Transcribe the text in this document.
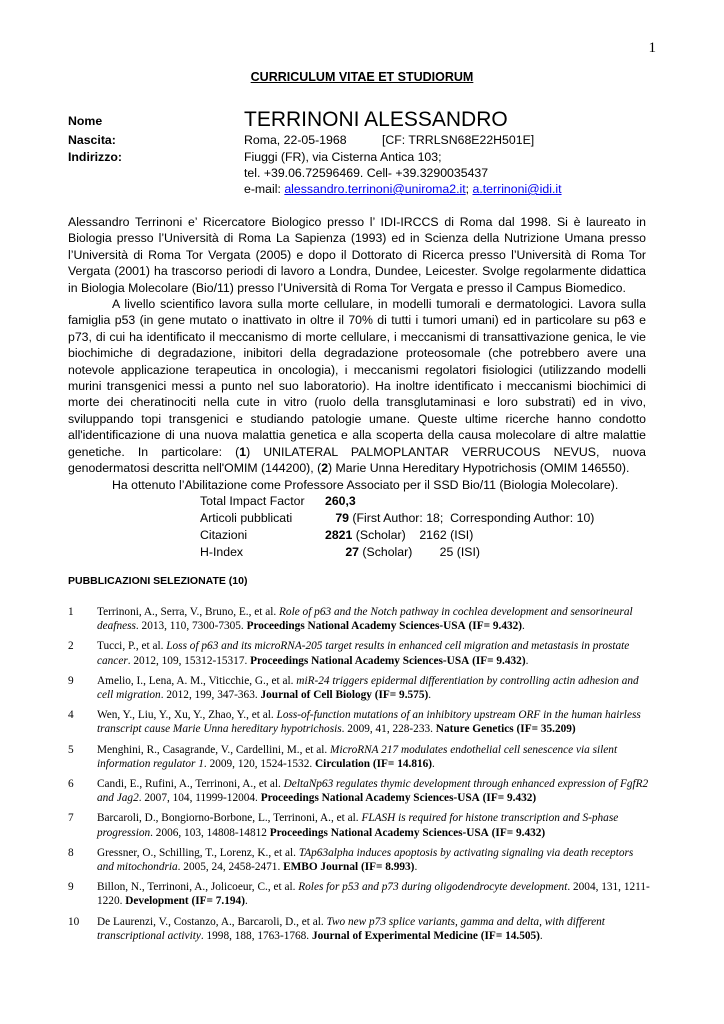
1
CURRICULUM VITAE ET STUDIORUM
Nome	TERRINONI ALESSANDRO
Nascita:	Roma, 22-05-1968	[CF: TRRLSN68E22H501E]
Indirizzo:	Fiuggi (FR), via Cisterna Antica 103;
tel. +39.06.72596469. Cell- +39.3290035437
e-mail: alessandro.terrinoni@uniroma2.it; a.terrinoni@idi.it

Alessandro Terrinoni e’ Ricercatore Biologico presso l’ IDI-IRCCS di Roma dal 1998. Si è laureato in Biologia presso l’Università di Roma La Sapienza (1993) ed in Scienza della Nutrizione Umana presso l’Università di Roma Tor Vergata (2005) e dopo il Dottorato di Ricerca presso l’Università di Roma Tor Vergata (2001) ha trascorso periodi di lavoro a Londra, Dundee, Leicester. Svolge regolarmente didattica in Biologia Molecolare (Bio/11) presso l’Università di Roma Tor Vergata e presso il Campus Biomedico.

A livello scientifico lavora sulla morte cellulare, in modelli tumorali e dermatologici. Lavora sulla famiglia p53 (in gene mutato o inattivato in oltre il 70% di tutti i tumori umani) ed in particolare su p63 e p73, di cui ha identificato il meccanismo di morte cellulare, i meccanismi di transattivazione genica, le vie biochimiche di degradazione, inibitori della degradazione proteosomale (che potrebbero avere una notevole applicazione terapeutica in oncologia), i meccanismi regolatori fisiologici (utilizzando modelli murini transgenici messi a punto nel suo laboratorio). Ha inoltre identificato i meccanismi biochimici di morte dei cheratinociti nella cute in vitro (ruolo della transglutaminasi e loro substrati) ed in vivo, sviluppando topi transgenici e studiando patologie umane. Queste ultime ricerche hanno condotto all'identificazione di una nuova malattia genetica e alla scoperta della causa molecolare di altre malattie genetiche. In particolare: (1) UNILATERAL PALMOPLANTAR VERRUCOUS NEVUS, nuova genodermatosi descritta nell'OMIM (144200), (2) Marie Unna Hereditary Hypotrichosis (OMIM 146550).

Ha ottenuto l’Abilitazione come Professore Associato per il SSD Bio/11 (Biologia Molecolare).

Total Impact Factor	260,3
Articoli pubblicati	79 (First Author: 18;  Corresponding Author: 10)
Citazioni	2821 (Scholar)    2162 (ISI)
H-Index	27 (Scholar)        25 (ISI)
PUBBLICAZIONI SELEZIONATE (10)
1	Terrinoni, A., Serra, V., Bruno, E., et al. Role of p63 and the Notch pathway in cochlea development and sensorineural deafness. 2013, 110, 7300-7305. Proceedings National Academy Sciences-USA (IF= 9.432).
2	Tucci, P., et al. Loss of p63 and its microRNA-205 target results in enhanced cell migration and metastasis in prostate cancer. 2012, 109, 15312-15317. Proceedings National Academy Sciences-USA (IF= 9.432).
9	Amelio, I., Lena, A. M., Viticchie, G., et al. miR-24 triggers epidermal differentiation by controlling actin adhesion and cell migration. 2012, 199, 347-363. Journal of Cell Biology (IF= 9.575).
4	Wen, Y., Liu, Y., Xu, Y., Zhao, Y., et al. Loss-of-function mutations of an inhibitory upstream ORF in the human hairless transcript cause Marie Unna hereditary hypotrichosis. 2009, 41, 228-233. Nature Genetics (IF= 35.209)
5	Menghini, R., Casagrande, V., Cardellini, M., et al. MicroRNA 217 modulates endothelial cell senescence via silent information regulator 1. 2009, 120, 1524-1532. Circulation (IF= 14.816).
6	Candi, E., Rufini, A., Terrinoni, A., et al. DeltaNp63 regulates thymic development through enhanced expression of FgfR2 and Jag2. 2007, 104, 11999-12004. Proceedings National Academy Sciences-USA (IF= 9.432)
7	Barcaroli, D., Bongiorno-Borbone, L., Terrinoni, A., et al. FLASH is required for histone transcription and S-phase progression. 2006, 103, 14808-14812 Proceedings National Academy Sciences-USA (IF= 9.432)
8	Gressner, O., Schilling, T., Lorenz, K., et al. TAp63alpha induces apoptosis by activating signaling via death receptors and mitochondria. 2005, 24, 2458-2471. EMBO Journal (IF= 8.993).
9	Billon, N., Terrinoni, A., Jolicoeur, C., et al. Roles for p53 and p73 during oligodendrocyte development. 2004, 131, 1211-1220. Development (IF= 7.194).
10	De Laurenzi, V., Costanzo, A., Barcaroli, D., et al. Two new p73 splice variants, gamma and delta, with different transcriptional activity. 1998, 188, 1763-1768. Journal of Experimental Medicine (IF= 14.505).
